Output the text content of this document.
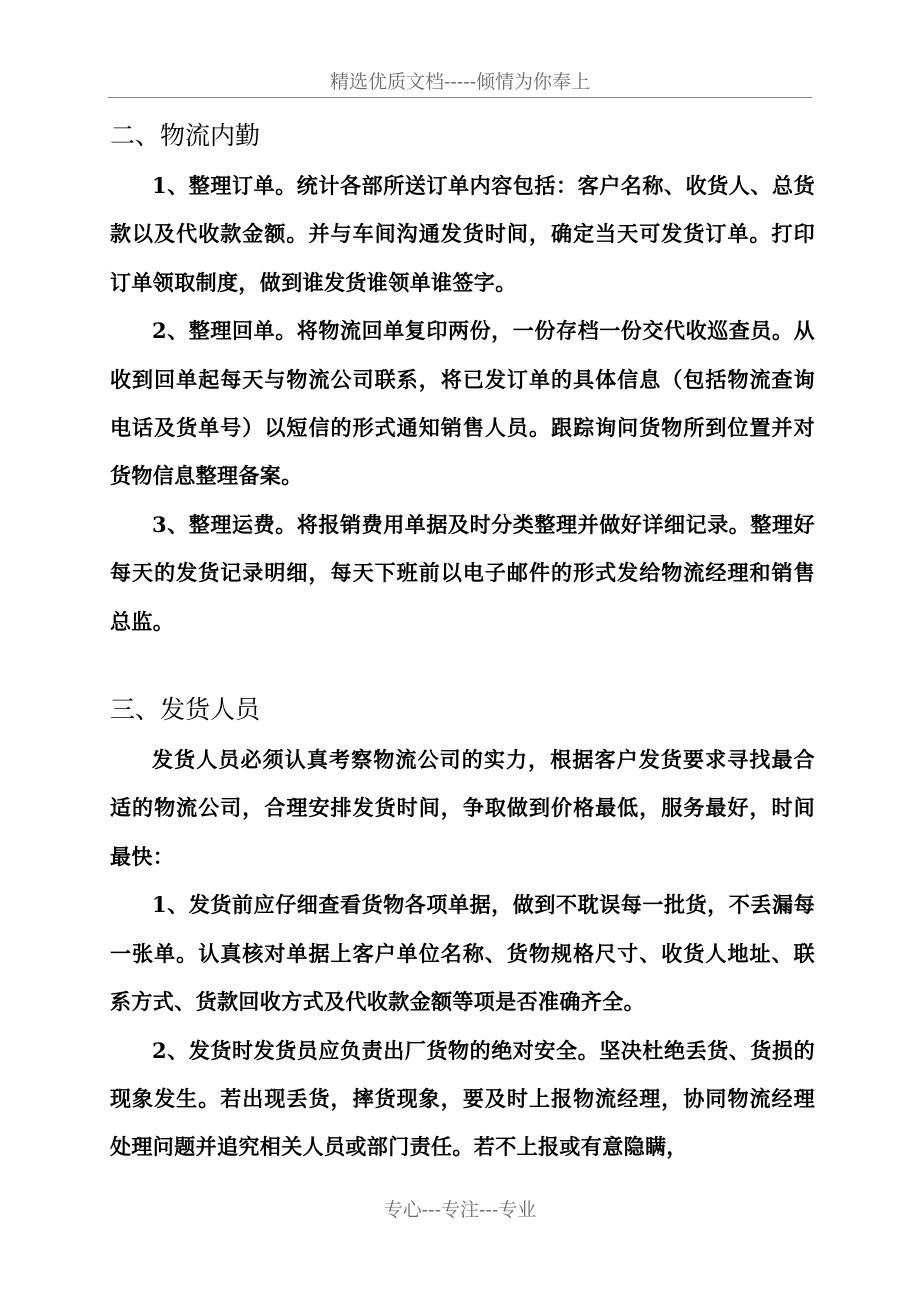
精选优质文档-----倾情为你奉上
二、物流内勤

1、整理订单。统计各部所送订单内容包括：客户名称、收货人、总货款以及代收款金额。并与车间沟通发货时间，确定当天可发货订单。打印订单领取制度，做到谁发货谁领单谁签字。

2、整理回单。将物流回单复印两份，一份存档一份交代收巡查员。从收到回单起每天与物流公司联系，将已发订单的具体信息（包括物流查询电话及货单号）以短信的形式通知销售人员。跟踪询问货物所到位置并对货物信息整理备案。

3、整理运费。将报销费用单据及时分类整理并做好详细记录。整理好每天的发货记录明细，每天下班前以电子邮件的形式发给物流经理和销售总监。

三、发货人员

发货人员必须认真考察物流公司的实力，根据客户发货要求寻找最合适的物流公司，合理安排发货时间，争取做到价格最低，服务最好，时间最快：

1、发货前应仔细查看货物各项单据，做到不耽误每一批货，不丢漏每一张单。认真核对单据上客户单位名称、货物规格尺寸、收货人地址、联系方式、货款回收方式及代收款金额等项是否准确齐全。

2、发货时发货员应负责出厂货物的绝对安全。坚决杜绝丢货、货损的现象发生。若出现丢货，摔货现象，要及时上报物流经理，协同物流经理处理问题并追究相关人员或部门责任。若不上报或有意隐瞒，

专心---专注---专业
